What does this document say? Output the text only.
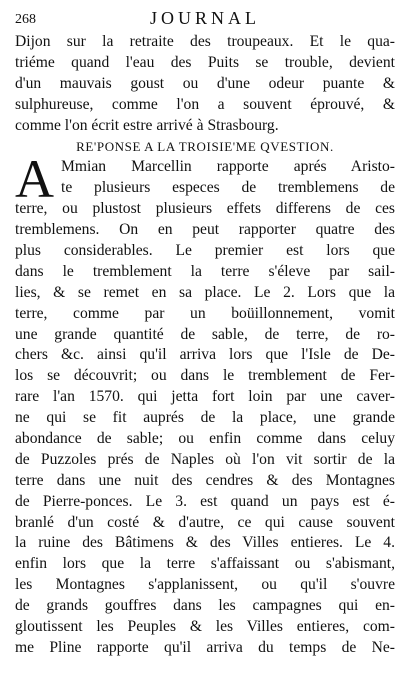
268	JOURNAL
Dijon sur la retraite des troupeaux. Et le qua-
triéme quand l'eau des Puits se trouble, devient
d'un mauvais goust ou d'une odeur puante &
sulphureuse, comme l'on a souvent éprouvé, &
comme l'on écrit estre arrivé à Strasbourg.
RE'PONSE A LA TROISIE'ME QVESTION.
A Mmian Marcellin rapporte aprés Aristo-
te plusieurs especes de tremblemens de
terre, ou plustost plusieurs effets differens de ces
tremblemens. On en peut rapporter quatre des
plus considerables. Le premier est lors que
dans le tremblement la terre s'éleve par sail-
lies, & se remet en sa place. Le 2. Lors que la
terre, comme par un boüillonnement, vomit
une grande quantité de sable, de terre, de ro-
chers &c. ainsi qu'il arriva lors que l'Isle de De-
los se découvrit; ou dans le tremblement de Fer-
rare l'an 1570. qui jetta fort loin par une caver-
ne qui se fit auprés de la place, une grande
abondance de sable; ou enfin comme dans celuy
de Puzzoles prés de Naples où l'on vit sortir de la
terre dans une nuit des cendres & des Montagnes
de Pierre-ponces. Le 3. est quand un pays est é-
branlé d'un costé & d'autre, ce qui cause souvent
la ruine des Bâtimens & des Villes entieres. Le 4.
enfin lors que la terre s'affaissant ou s'abismant,
les Montagnes s'applanissent, ou qu'il s'ouvre
de grands gouffres dans les campagnes qui en-
gloutissent les Peuples & les Villes entieres, com-
me Pline rapporte qu'il arriva du temps de Ne-
